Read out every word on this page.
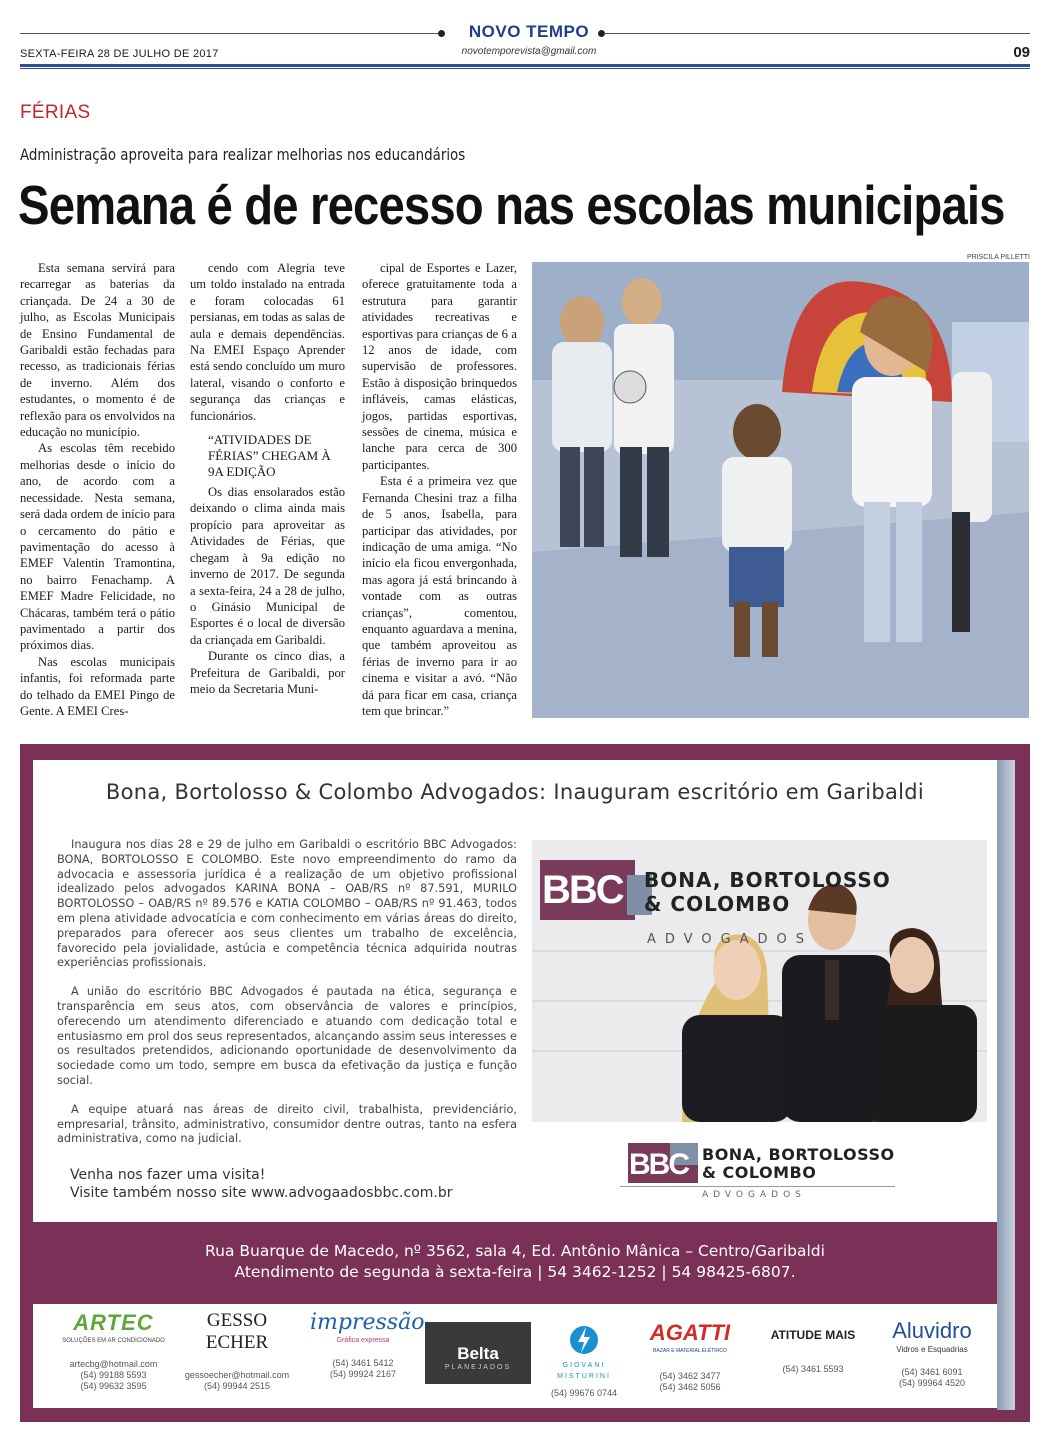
NOVO TEMPO
SEXTA-FEIRA 28 DE JULHO DE 2017	novotemporevista@gmail.com	09
FÉRIAS
Administração aproveita para realizar melhorias nos educandários
Semana é de recesso nas escolas municipais
PRISCILA PILLETTI

Esta semana servirá para recarregar as baterias da criançada. De 24 a 30 de julho, as Escolas Municipais de Ensino Fundamental de Garibaldi estão fechadas para recesso, as tradicionais férias de inverno. Além dos estudantes, o momento é de reflexão para os envolvidos na educação no município.

As escolas têm recebido melhorias desde o início do ano, de acordo com a necessidade. Nesta semana, será dada ordem de início para o cercamento do pátio e pavimentação do acesso à EMEF Valentin Tramontina, no bairro Fenachamp. A EMEF Madre Felicidade, no Chácaras, também terá o pátio pavimentado a partir dos próximos dias.

Nas escolas municipais infantis, foi reformada parte do telhado da EMEI Pingo de Gente. A EMEI Cres-

cendo com Alegria teve um toldo instalado na entrada e foram colocadas 61 persianas, em todas as salas de aula e demais dependências. Na EMEI Espaço Aprender está sendo concluído um muro lateral, visando o conforto e segurança das crianças e funcionários.

“ATIVIDADES DE FÉRIAS” CHEGAM À 9A EDIÇÃO

Os dias ensolarados estão deixando o clima ainda mais propício para aproveitar as Atividades de Férias, que chegam à 9a edição no inverno de 2017. De segunda a sexta-feira, 24 a 28 de julho, o Ginásio Municipal de Esportes é o local de diversão da criançada em Garibaldi.

Durante os cinco dias, a Prefeitura de Garibaldi, por meio da Secretaria Muni-

cipal de Esportes e Lazer, oferece gratuitamente toda a estrutura para garantir atividades recreativas e esportivas para crianças de 6 a 12 anos de idade, com supervisão de professores. Estão à disposição brinquedos infláveis, camas elásticas, jogos, partidas esportivas, sessões de cinema, música e lanche para cerca de 300 participantes.

Esta é a primeira vez que Fernanda Chesini traz a filha de 5 anos, Isabella, para participar das atividades, por indicação de uma amiga. “No início ela ficou envergonhada, mas agora já está brincando à vontade com as outras crianças”, comentou, enquanto aguardava a menina, que também aproveitou as férias de inverno para ir ao cinema e visitar a avó. “Não dá para ficar em casa, criança tem que brincar.”

Bona, Bortolosso & Colombo Advogados: Inauguram escritório em Garibaldi

Inaugura nos dias 28 e 29 de julho em Garibaldi o escritório BBC Advogados: BONA, BORTOLOSSO E COLOMBO. Este novo empreendimento do ramo da advocacia e assessoria jurídica é a realização de um objetivo profissional idealizado pelos advogados KARINA BONA – OAB/RS nº 87.591, MURILO BORTOLOSSO – OAB/RS nº 89.576 e KATIA COLOMBO – OAB/RS nº 91.463, todos em plena atividade advocatícia e com conhecimento em várias áreas do direito, preparados para oferecer aos seus clientes um trabalho de excelência, favorecido pela jovialidade, astúcia e competência técnica adquirida noutras experiências profissionais.

A união do escritório BBC Advogados é pautada na ética, segurança e transparência em seus atos, com observância de valores e princípios, oferecendo um atendimento diferenciado e atuando com dedicação total e entusiasmo em prol dos seus representados, alcançando assim seus interesses e os resultados pretendidos, adicionando oportunidade de desenvolvimento da sociedade como um todo, sempre em busca da efetivação da justiça e função social.

A equipe atuará nas áreas de direito civil, trabalhista, previdenciário, empresarial, trânsito, administrativo, consumidor dentre outras, tanto na esfera administrativa, como na judicial.

Venha nos fazer uma visita!
Visite também nosso site www.advogaadosbbc.com.br
BBC BONA, BORTOLOSSO
& COLOMBO
ADVOGADOS
BBC BONA, BORTOLOSSO
& COLOMBO
ADVOGADOS
Rua Buarque de Macedo, nº 3562, sala 4, Ed. Antônio Mânica – Centro/Garibaldi
Atendimento de segunda à sexta-feira | 54 3462-1252 | 54 98425-6807.
ARTEC
SOLUÇÕES EM AR CONDICIONADO
artecbg@hotmail.com
(54) 99188 5593
(54) 99632 3595
GESSO ECHER
gessoecher@hotmail.com
(54) 99944 2515
impressão
Gráfica expressa
(54) 3461 5412
(54) 99924 2167
Belta
PLANEJADOS	GIOVANI MISTURINI
(54) 99676 0744
AGATTI
BAZAR E MATERIAL ELÉTRICO
(54) 3462 3477
(54) 3462 5056
ATITUDE MAIS
(54) 3461 5593
Aluvidro
Vidros e Esquadrias
(54) 3461 6091
(54) 99964 4520
